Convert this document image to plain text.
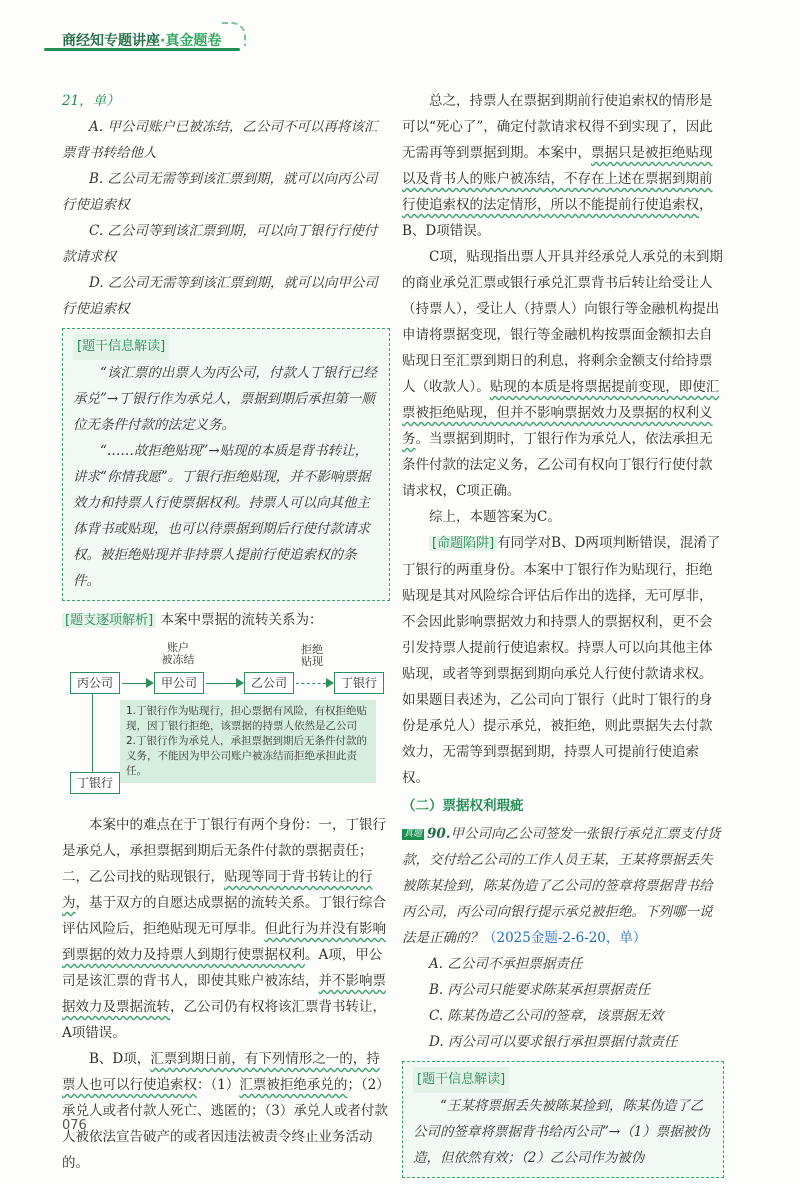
商经知专题讲座·真金题卷

21，单）

A. 甲公司账户已被冻结，乙公司不可以再将该汇票背书转给他人

B. 乙公司无需等到该汇票到期，就可以向丙公司行使追索权

C. 乙公司等到该汇票到期，可以向丁银行行使付款请求权

D. 乙公司无需等到该汇票到期，就可以向甲公司行使追索权

[题干信息解读]

“该汇票的出票人为丙公司，付款人丁银行已经承兑”→丁银行作为承兑人，票据到期后承担第一顺位无条件付款的法定义务。

“……故拒绝贴现”→贴现的本质是背书转让，讲求“你情我愿”。丁银行拒绝贴现，并不影响票据效力和持票人行使票据权利。持票人可以向其他主体背书或贴现，也可以待票据到期后行使付款请求权。被拒绝贴现并非持票人提前行使追索权的条件。

[题支逐项解析] 本案中票据的流转关系为：

丙公司
账户
被冻结
甲公司	乙公司
拒绝
贴现
丁银行
丁银行
1.丁银行作为贴现行，担心票据有风险，有权拒绝贴现，因丁银行拒绝，该票据的持票人依然是乙公司
2.丁银行作为承兑人，承担票据到期后无条件付款的义务，不能因为甲公司账户被冻结而拒绝承担此责任。

本案中的难点在于丁银行有两个身份：一，丁银行是承兑人，承担票据到期后无条件付款的票据责任；二，乙公司找的贴现银行，贴现等同于背书转让的行为，基于双方的自愿达成票据的流转关系。丁银行综合评估风险后，拒绝贴现无可厚非。但此行为并没有影响到票据的效力及持票人到期行使票据权利。A项，甲公司是该汇票的背书人，即使其账户被冻结，并不影响票据效力及票据流转，乙公司仍有权将该汇票背书转让，A项错误。

B、D项，汇票到期日前，有下列情形之一的，持票人也可以行使追索权：（1）汇票被拒绝承兑的；（2）承兑人或者付款人死亡、逃匿的；（3）承兑人或者付款人被依法宣告破产的或者因违法被责令终止业务活动的。

总之，持票人在票据到期前行使追索权的情形是可以“死心了”，确定付款请求权得不到实现了，因此无需再等到票据到期。本案中，票据只是被拒绝贴现以及背书人的账户被冻结，不存在上述在票据到期前行使追索权的法定情形，所以不能提前行使追索权，B、D项错误。

C项，贴现指出票人开具并经承兑人承兑的未到期的商业承兑汇票或银行承兑汇票背书后转让给受让人（持票人），受让人（持票人）向银行等金融机构提出申请将票据变现，银行等金融机构按票面金额扣去自贴现日至汇票到期日的利息，将剩余金额支付给持票人（收款人）。贴现的本质是将票据提前变现，即使汇票被拒绝贴现，但并不影响票据效力及票据的权利义务。当票据到期时，丁银行作为承兑人，依法承担无条件付款的法定义务，乙公司有权向丁银行行使付款请求权，C项正确。

综上，本题答案为C。

[命题陷阱] 有同学对B、D两项判断错误，混淆了丁银行的两重身份。本案中丁银行作为贴现行，拒绝贴现是其对风险综合评估后作出的选择，无可厚非，不会因此影响票据效力和持票人的票据权利，更不会引发持票人提前行使追索权。持票人可以向其他主体贴现，或者等到票据到期向承兑人行使付款请求权。如果题目表述为，乙公司向丁银行（此时丁银行的身份是承兑人）提示承兑，被拒绝，则此票据失去付款效力，无需等到票据到期，持票人可提前行使追索权。

（二）票据权利瑕疵

真题 90.甲公司向乙公司签发一张银行承兑汇票支付货款，交付给乙公司的工作人员王某，王某将票据丢失被陈某捡到，陈某伪造了乙公司的签章将票据背书给丙公司，丙公司向银行提示承兑被拒绝。下列哪一说法是正确的？（2025金题-2-6-20，单）

A. 乙公司不承担票据责任

B. 丙公司只能要求陈某承担票据责任

C. 陈某伪造乙公司的签章，该票据无效

D. 丙公司可以要求银行承担票据付款责任

[题干信息解读]

“王某将票据丢失被陈某捡到，陈某伪造了乙公司的签章将票据背书给丙公司”→（1）票据被伪造，但依然有效；（2）乙公司作为被伪

076
